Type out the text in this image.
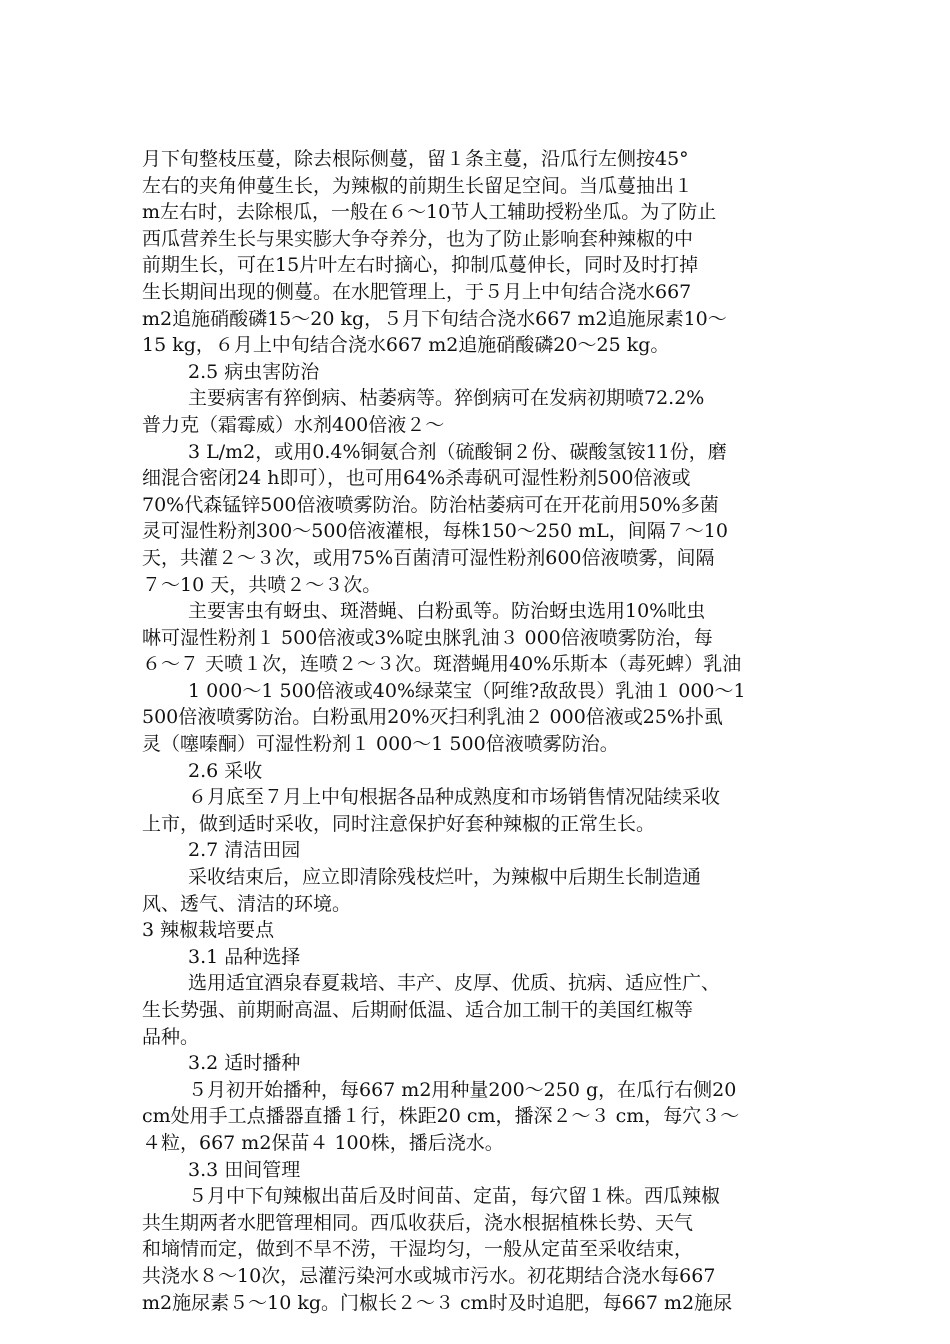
月下旬整枝压蔓，除去根际侧蔓，留１条主蔓，沿瓜行左侧按45°
左右的夹角伸蔓生长，为辣椒的前期生长留足空间。当瓜蔓抽出１
m左右时，去除根瓜，一般在６～10节人工辅助授粉坐瓜。为了防止
西瓜营养生长与果实膨大争夺养分，也为了防止影响套种辣椒的中
前期生长，可在15片叶左右时摘心，抑制瓜蔓伸长，同时及时打掉
生长期间出现的侧蔓。在水肥管理上，于５月上中旬结合浇水667
m2追施硝酸磷15～20 kg，５月下旬结合浇水667 m2追施尿素10～
15 kg，６月上中旬结合浇水667 m2追施硝酸磷20～25 kg。
2.5 病虫害防治
主要病害有猝倒病、枯萎病等。猝倒病可在发病初期喷72.2%
普力克（霜霉威）水剂400倍液２～
3 L/m2，或用0.4%铜氨合剂（硫酸铜２份、碳酸氢铵11份，磨
细混合密闭24 h即可），也可用64%杀毒矾可湿性粉剂500倍液或
70%代森锰锌500倍液喷雾防治。防治枯萎病可在开花前用50%多菌
灵可湿性粉剂300～500倍液灌根，每株150～250 mL，间隔７～10
天，共灌２～３次，或用75%百菌清可湿性粉剂600倍液喷雾，间隔
７～10 天，共喷２～３次。
主要害虫有蚜虫、斑潜蝇、白粉虱等。防治蚜虫选用10%吡虫
啉可湿性粉剂１ 500倍液或3%啶虫脒乳油３ 000倍液喷雾防治，每
６～７ 天喷１次，连喷２～３次。斑潜蝇用40%乐斯本（毒死蜱）乳油
1 000～1 500倍液或40%绿菜宝（阿维?敌敌畏）乳油１ 000～1
500倍液喷雾防治。白粉虱用20%灭扫利乳油２ 000倍液或25%扑虱
灵（噻嗪酮）可湿性粉剂１ 000～1 500倍液喷雾防治。
2.6 采收
６月底至７月上中旬根据各品种成熟度和市场销售情况陆续采收
上市，做到适时采收，同时注意保护好套种辣椒的正常生长。
2.7 清洁田园
采收结束后，应立即清除残枝烂叶，为辣椒中后期生长制造通
风、透气、清洁的环境。
3 辣椒栽培要点
3.1 品种选择
选用适宜酒泉春夏栽培、丰产、皮厚、优质、抗病、适应性广、
生长势强、前期耐高温、后期耐低温、适合加工制干的美国红椒等
品种。
3.2 适时播种
５月初开始播种，每667 m2用种量200～250 g，在瓜行右侧20
cm处用手工点播器直播１行，株距20 cm，播深２～３ cm，每穴３～
４粒，667 m2保苗４ 100株，播后浇水。
3.3 田间管理
５月中下旬辣椒出苗后及时间苗、定苗，每穴留１株。西瓜辣椒
共生期两者水肥管理相同。西瓜收获后，浇水根据植株长势、天气
和墒情而定，做到不旱不涝，干湿均匀，一般从定苗至采收结束，
共浇水８～10次，忌灌污染河水或城市污水。初花期结合浇水每667
m2施尿素５～10 kg。门椒长２～３ cm时及时追肥，每667 m2施尿
